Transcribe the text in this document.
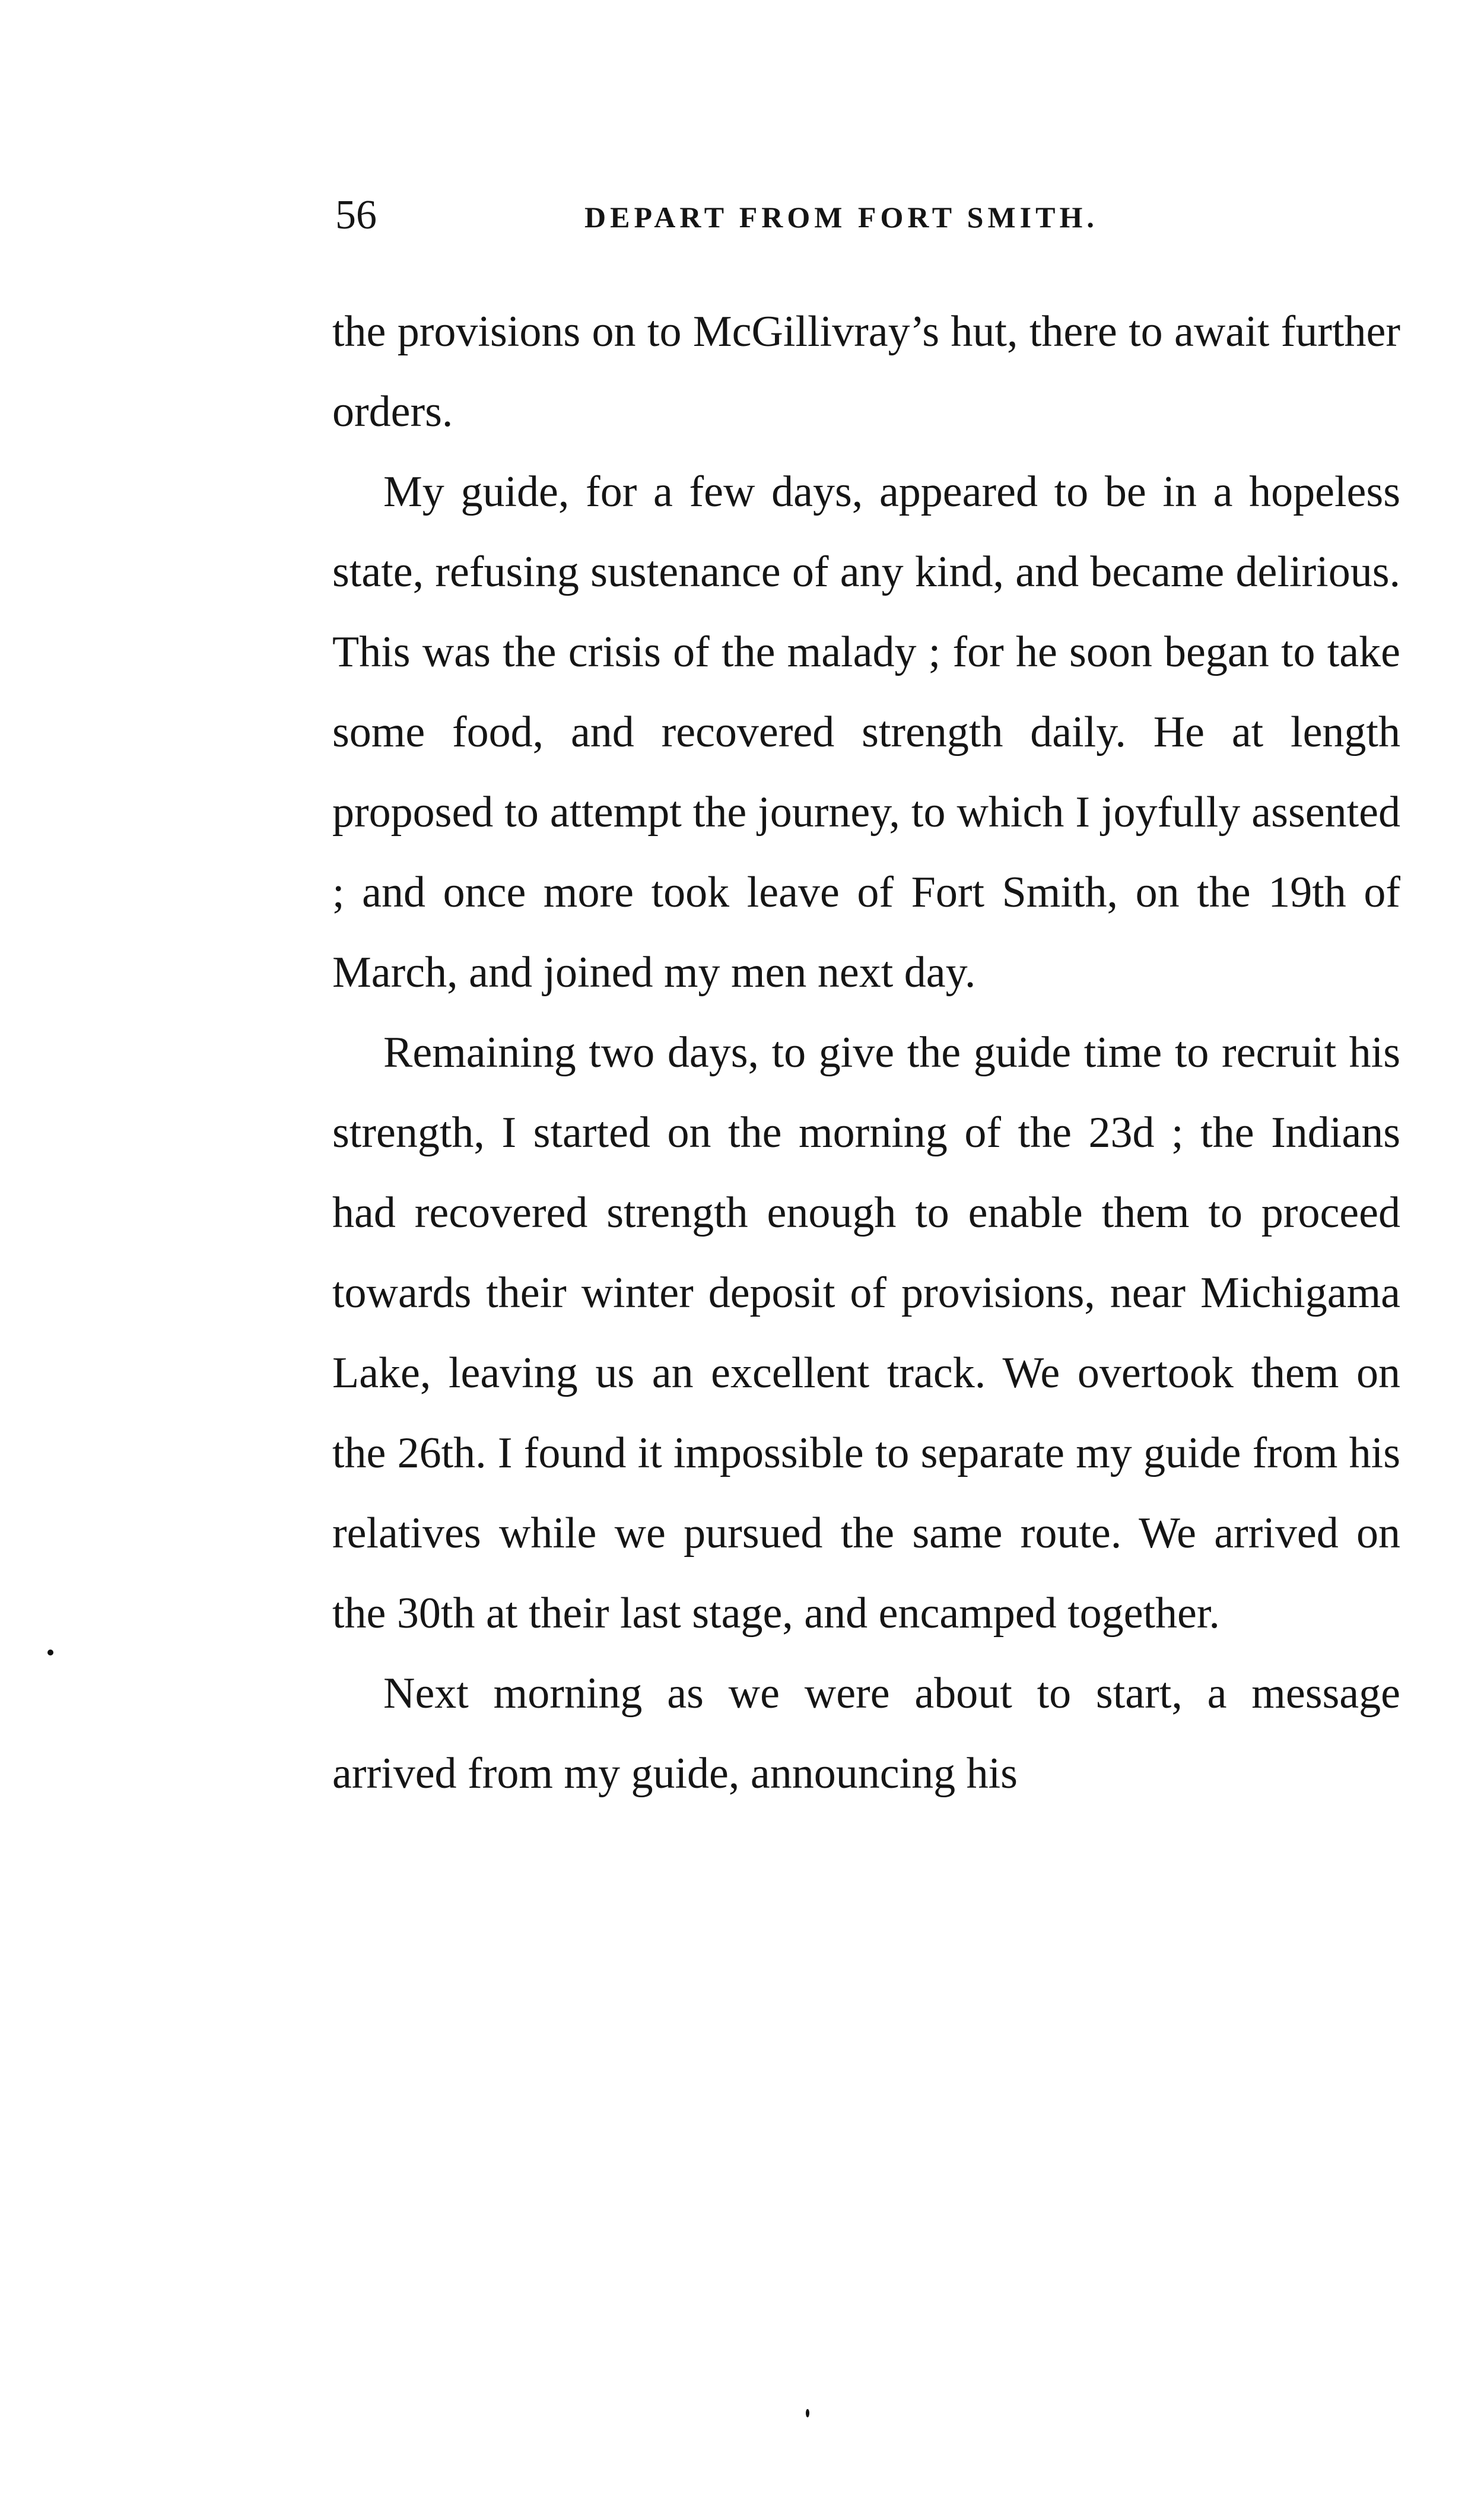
56	DEPART FROM FORT SMITH.

the provisions on to McGillivray’s hut, there to await further orders.

My guide, for a few days, appeared to be in a hopeless state, refusing sustenance of any kind, and became delirious. This was the crisis of the malady ; for he soon began to take some food, and recovered strength daily. He at length proposed to attempt the journey, to which I joyfully assented ; and once more took leave of Fort Smith, on the 19th of March, and joined my men next day.

Remaining two days, to give the guide time to recruit his strength, I started on the morning of the 23d ; the Indians had recovered strength enough to enable them to proceed towards their winter deposit of provisions, near Michigama Lake, leaving us an excellent track. We overtook them on the 26th. I found it impossible to separate my guide from his relatives while we pursued the same route. We arrived on the 30th at their last stage, and encamped together.

Next morning as we were about to start, a message arrived from my guide, announcing his
